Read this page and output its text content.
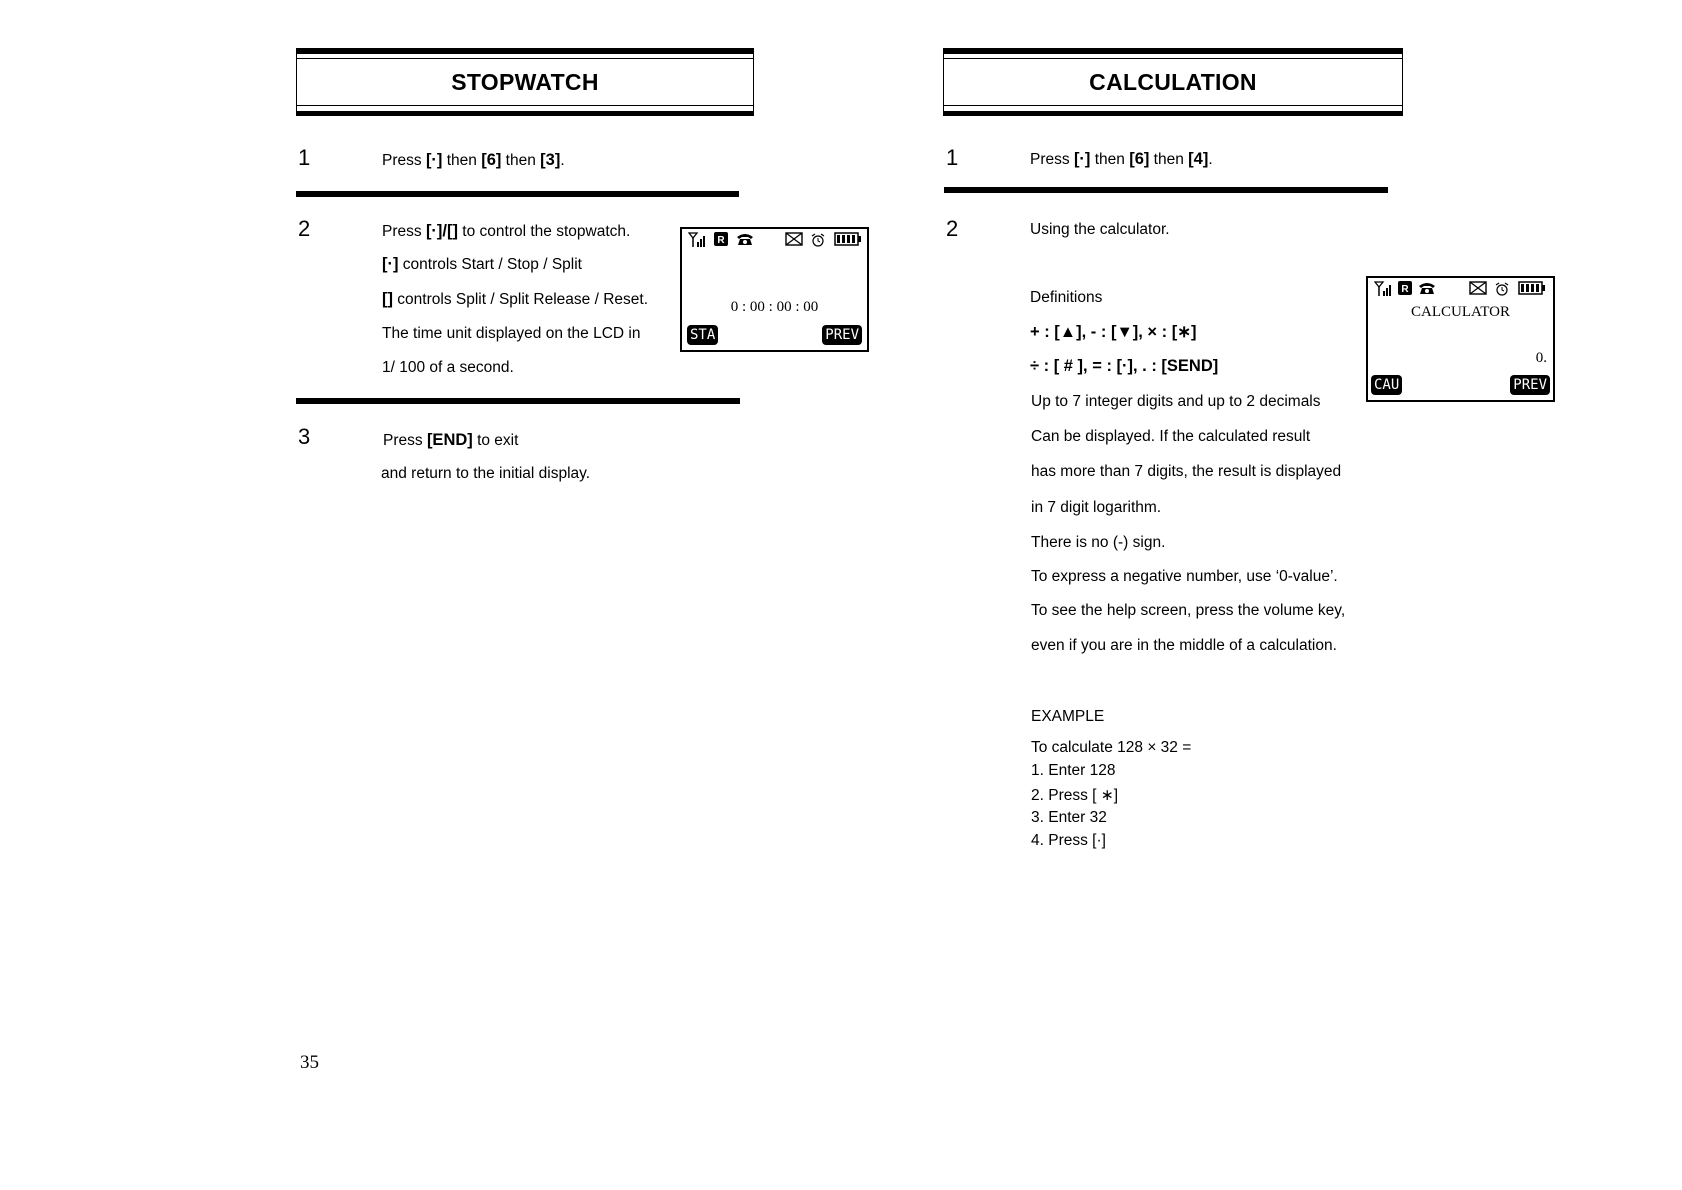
STOPWATCH
1	Press [·] then [6] then [3].
2	Press [·]/[] to control the stopwatch.
[·] controls Start / Stop / Split
[] controls Split / Split Release / Reset.
The time unit displayed on the LCD in
1/ 100 of a second.
R
0 : 00 : 00 : 00
STA	PREV
3	Press [END] to exit
and return to the initial display.
35
CALCULATION
1	Press [·] then [6] then [4].
2	Using the calculator.
Definitions
+ : [▲], - : [▼], × : [∗]
÷ : [ # ], = : [·], . : [SEND]
Up to 7 integer digits and up to 2 decimals
Can be displayed. If the calculated result
has more than 7 digits, the result is displayed
in 7 digit logarithm.
There is no (-) sign.
To express a negative number, use ‘0-value’.
To see the help screen, press the volume key,
even if you are in the middle of a calculation.
EXAMPLE
To calculate 128 × 32 =
1. Enter 128
2. Press [ ∗]
3. Enter 32
4. Press [·]
R
CALCULATOR
0.
CAU	PREV
